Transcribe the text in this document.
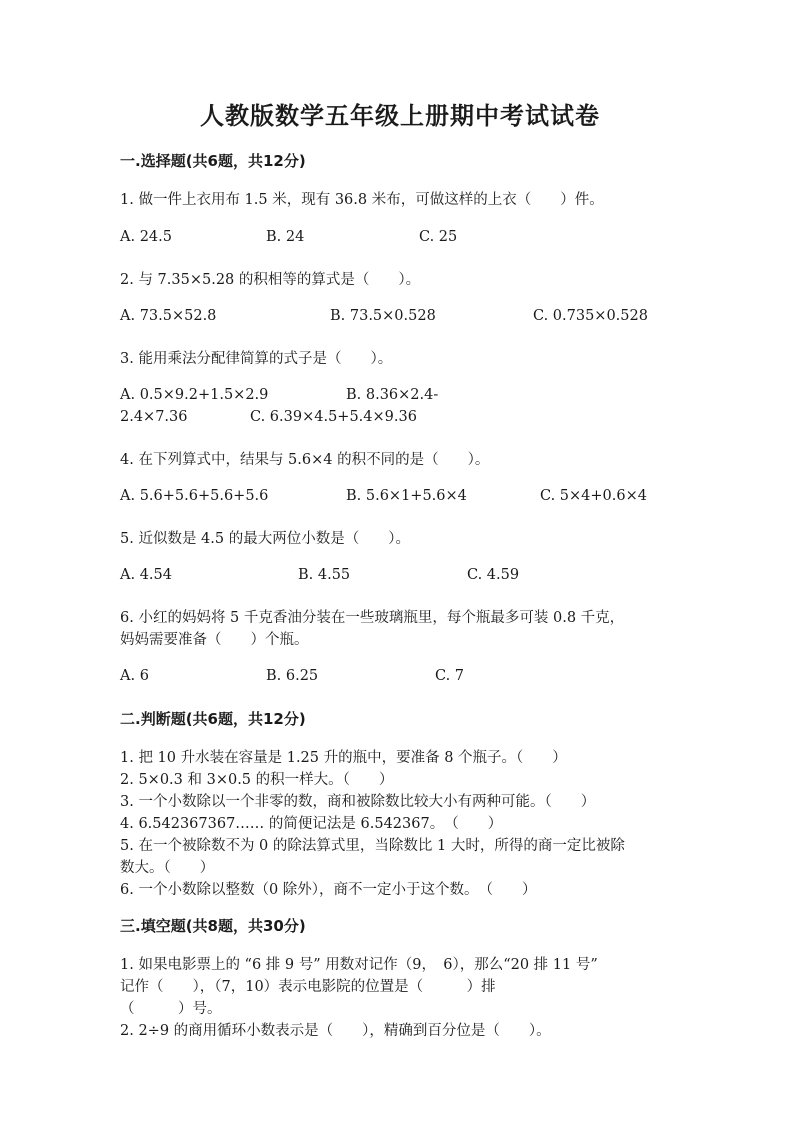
人教版数学五年级上册期中考试试卷
一.选择题(共6题，共12分)
1. 做一件上衣用布 1.5 米，现有 36.8 米布，可做这样的上衣（　　）件。
A. 24.5	B. 24	C. 25
2. 与 7.35×5.28 的积相等的算式是（　　）。
A. 73.5×52.8	B. 73.5×0.528	C. 0.735×0.528
3. 能用乘法分配律简算的式子是（　　）。
A. 0.5×9.2+1.5×2.9	B. 8.36×2.4-
2.4×7.36	C. 6.39×4.5+5.4×9.36
4. 在下列算式中，结果与 5.6×4 的积不同的是（　　）。
A. 5.6+5.6+5.6+5.6	B. 5.6×1+5.6×4	C. 5×4+0.6×4
5. 近似数是 4.5 的最大两位小数是（　　）。
A. 4.54	B. 4.55	C. 4.59
6. 小红的妈妈将 5 千克香油分装在一些玻璃瓶里，每个瓶最多可装 0.8 千克，
妈妈需要准备（　　）个瓶。
A. 6	B. 6.25	C. 7
二.判断题(共6题，共12分)
1. 把 10 升水装在容量是 1.25 升的瓶中，要准备 8 个瓶子。（　　）
2. 5×0.3 和 3×0.5 的积一样大。（　　）
3. 一个小数除以一个非零的数，商和被除数比较大小有两种可能。（　　）
4. 6.542367367…… 的简便记法是 6.542367。　（　　）
5. 在一个被除数不为 0 的除法算式里，当除数比 1 大时，所得的商一定比被除
数大。（　　）
6. 一个小数除以整数（0 除外），商不一定小于这个数。　（　　）
三.填空题(共8题，共30分)
1. 如果电影票上的 “6 排 9 号” 用数对记作（9，　6），那么“20 排 11 号”
记作（　　），（7，10）表示电影院的位置是（　　　）排
（　　　）号。
2. 2÷9 的商用循环小数表示是（　　），精确到百分位是（　　）。
